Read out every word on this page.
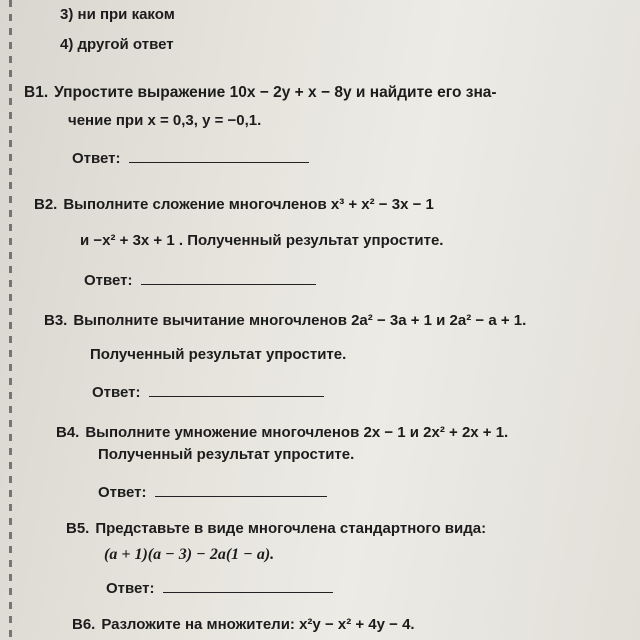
3) ни при каком
4) другой ответ
B1. Упростите выражение 10x − 2y + x − 8y и найдите его зна-
чение при x = 0,3, y = −0,1.
Ответ:
B2. Выполните сложение многочленов x³ + x² − 3x − 1
и −x² + 3x + 1 . Полученный результат упростите.
Ответ:
B3. Выполните вычитание многочленов 2a² − 3a + 1 и 2a² − a + 1.
Полученный результат упростите.
Ответ:
B4. Выполните умножение многочленов 2x − 1 и 2x² + 2x + 1.
Полученный результат упростите.
Ответ:
B5. Представьте в виде многочлена стандартного вида:
(a + 1)(a − 3) − 2a(1 − a).
Ответ:
B6. Разложите на множители: x²y − x² + 4y − 4.
